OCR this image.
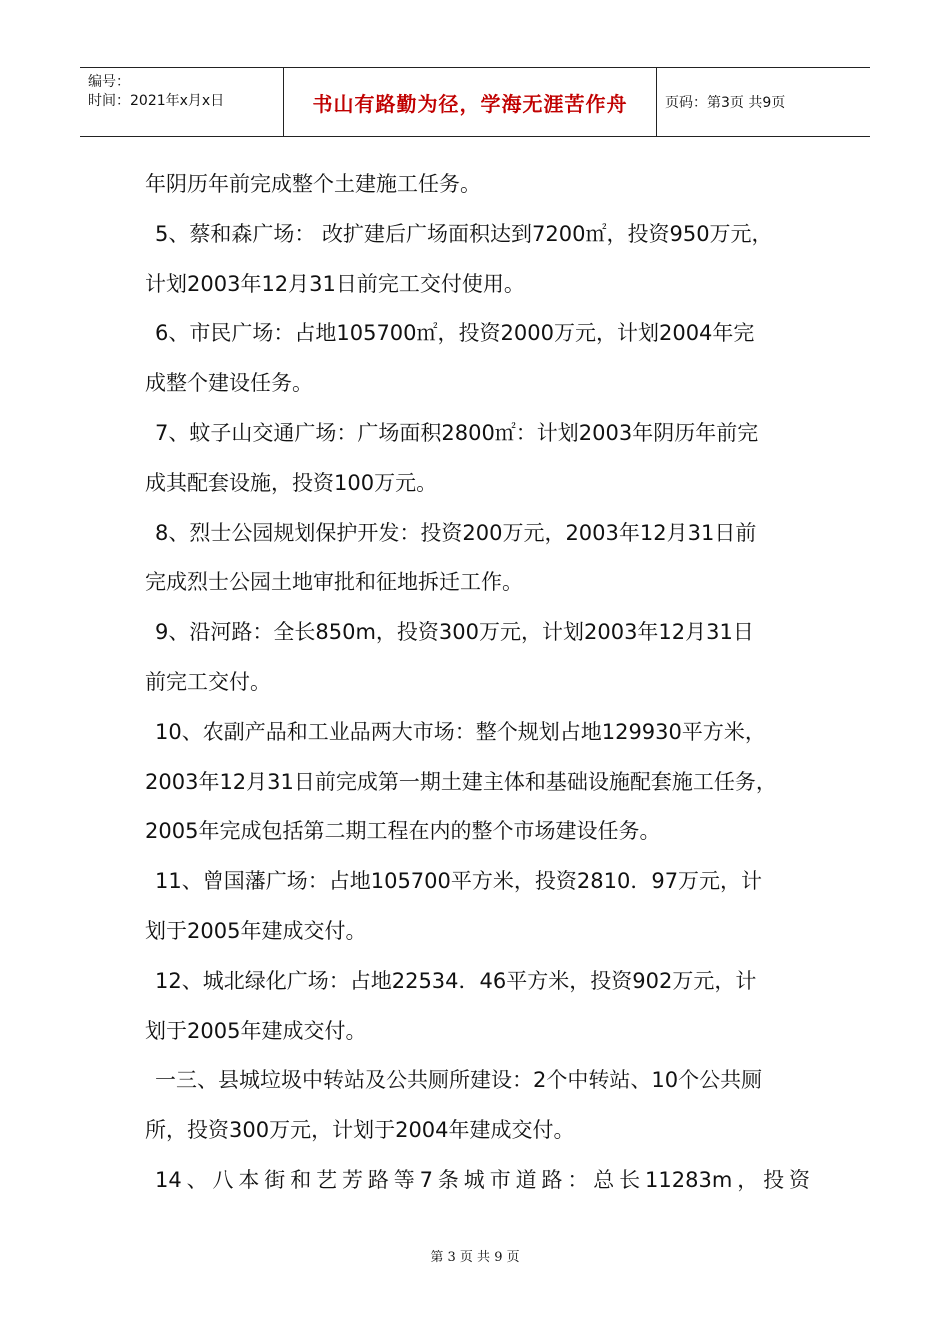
编号：
时间：2021年x月x日	书山有路勤为径，学海无涯苦作舟	页码：第3页 共9页
年阴历年前完成整个土建施工任务。
5、蔡和森广场： 改扩建后广场面积达到7200㎡，投资950万元，
计划2003年12月31日前完工交付使用。
6、市民广场：占地105700㎡，投资2000万元，计划2004年完
成整个建设任务。
7、蚊子山交通广场：广场面积2800㎡：计划2003年阴历年前完
成其配套设施，投资100万元。
8、烈士公园规划保护开发：投资200万元，2003年12月31日前
完成烈士公园土地审批和征地拆迁工作。
9、沿河路：全长850m，投资300万元，计划2003年12月31日
前完工交付。
10、农副产品和工业品两大市场：整个规划占地129930平方米，
2003年12月31日前完成第一期土建主体和基础设施配套施工任务，
2005年完成包括第二期工程在内的整个市场建设任务。
11、曾国藩广场：占地105700平方米，投资2810．97万元，计
划于2005年建成交付。
12、城北绿化广场：占地22534．46平方米，投资902万元，计
划于2005年建成交付。
一三、县城垃圾中转站及公共厕所建设：2个中转站、10个公共厕
所，投资300万元，计划于2004年建成交付。
14、八本街和艺芳路等7条城市道路：总长11283m，投资
第 3 页 共 9 页
